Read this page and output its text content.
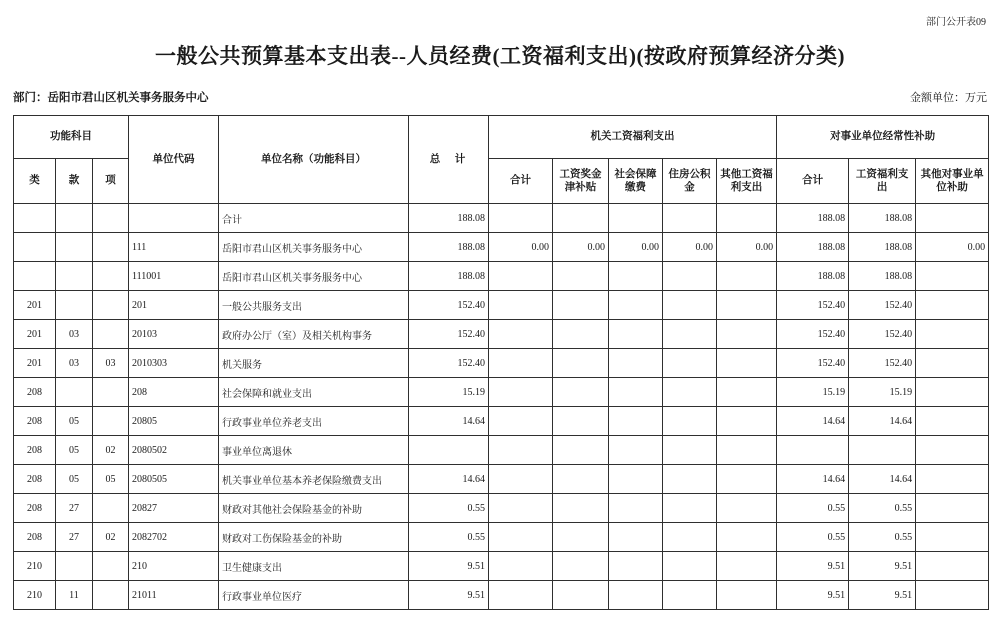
部门公开表09
一般公共预算基本支出表--人员经费(工资福利支出)(按政府预算经济分类)
部门：岳阳市君山区机关事务服务中心	金额单位：万元
功能科目			单位代码	单位名称（功能科目）	总　计	机关工资福利支出					对事业单位经常性补助		
类	款	项				合计	工资奖金津补贴	社会保障缴费	住房公积金	其他工资福利支出	合计	工资福利支出	其他对事业单位补助
				合计	188.08						188.08	188.08	
			111	岳阳市君山区机关事务服务中心	188.08	0.00	0.00	0.00	0.00	0.00	188.08	188.08	0.00
			111001	岳阳市君山区机关事务服务中心	188.08						188.08	188.08	
201			201	一般公共服务支出	152.40						152.40	152.40	
201	03		20103	政府办公厅（室）及相关机构事务	152.40						152.40	152.40	
201	03	03	2010303	机关服务	152.40						152.40	152.40	
208			208	社会保障和就业支出	15.19						15.19	15.19	
208	05		20805	行政事业单位养老支出	14.64						14.64	14.64	
208	05	02	2080502	事业单位离退休									
208	05	05	2080505	机关事业单位基本养老保险缴费支出	14.64						14.64	14.64	
208	27		20827	财政对其他社会保险基金的补助	0.55						0.55	0.55	
208	27	02	2082702	财政对工伤保险基金的补助	0.55						0.55	0.55	
210			210	卫生健康支出	9.51						9.51	9.51	
210	11		21011	行政事业单位医疗	9.51						9.51	9.51	
